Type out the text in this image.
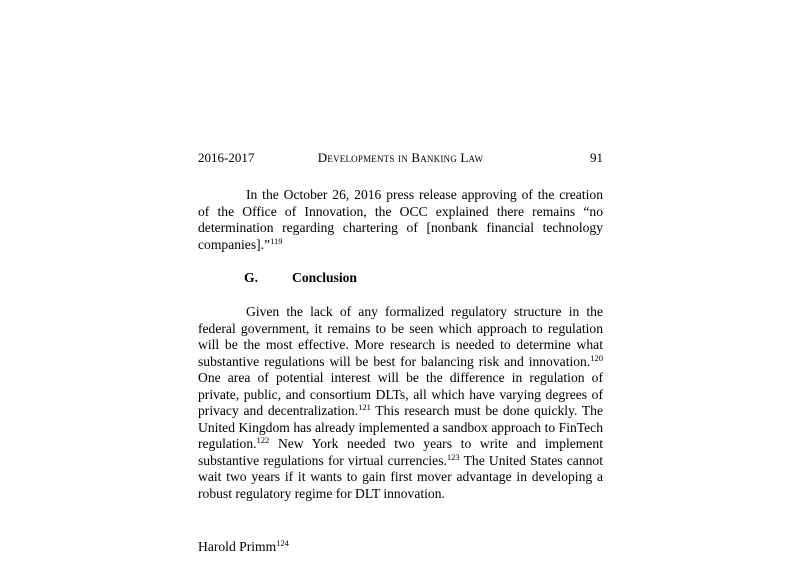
2016-2017	Developments in Banking Law	91

In the October 26, 2016 press release approving of the creation of the Office of Innovation, the OCC explained there remains “no determination regarding chartering of [nonbank financial technology companies].”$^{119}$

G.	Conclusion

Given the lack of any formalized regulatory structure in the federal government, it remains to be seen which approach to regulation will be the most effective. More research is needed to determine what substantive regulations will be best for balancing risk and innovation.$^{120}$ One area of potential interest will be the difference in regulation of private, public, and consortium DLTs, all which have varying degrees of privacy and decentralization.$^{121}$ This research must be done quickly. The United Kingdom has already implemented a sandbox approach to FinTech regulation.$^{122}$ New York needed two years to write and implement substantive regulations for virtual currencies.$^{123}$ The United States cannot wait two years if it wants to gain first mover advantage in developing a robust regulatory regime for DLT innovation.

Harold Primm$^{124}$
